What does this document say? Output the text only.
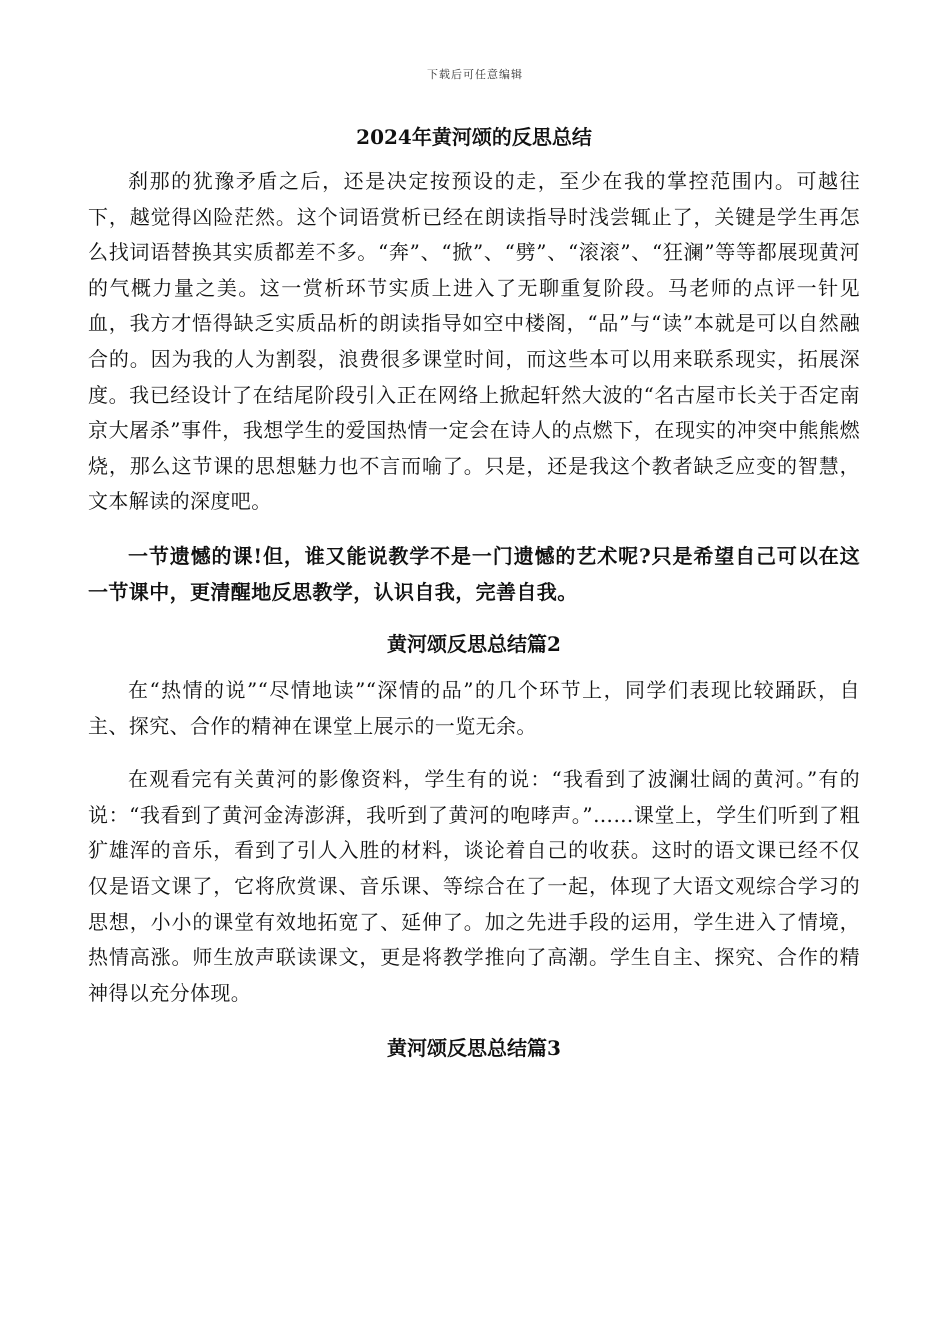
下载后可任意编辑
2024年黄河颂的反思总结

刹那的犹豫矛盾之后，还是决定按预设的走，至少在我的掌控范围内。可越往下，越觉得凶险茫然。这个词语赏析已经在朗读指导时浅尝辄止了，关键是学生再怎么找词语替换其实质都差不多。“奔”、“掀”、“劈”、“滚滚”、“狂澜”等等都展现黄河的气概力量之美。这一赏析环节实质上进入了无聊重复阶段。马老师的点评一针见血，我方才悟得缺乏实质品析的朗读指导如空中楼阁，“品”与“读”本就是可以自然融合的。因为我的人为割裂，浪费很多课堂时间，而这些本可以用来联系现实，拓展深度。我已经设计了在结尾阶段引入正在网络上掀起轩然大波的“名古屋市长关于否定南京大屠杀”事件，我想学生的爱国热情一定会在诗人的点燃下，在现实的冲突中熊熊燃烧，那么这节课的思想魅力也不言而喻了。只是，还是我这个教者缺乏应变的智慧，文本解读的深度吧。

一节遗憾的课!但，谁又能说教学不是一门遗憾的艺术呢?只是希望自己可以在这一节课中，更清醒地反思教学，认识自我，完善自我。

黄河颂反思总结篇2

在“热情的说”“尽情地读”“深情的品”的几个环节上，同学们表现比较踊跃，自主、探究、合作的精神在课堂上展示的一览无余。

在观看完有关黄河的影像资料，学生有的说：“我看到了波澜壮阔的黄河。”有的说：“我看到了黄河金涛澎湃，我听到了黄河的咆哮声。”……课堂上，学生们听到了粗犷雄浑的音乐，看到了引人入胜的材料，谈论着自己的收获。这时的语文课已经不仅仅是语文课了，它将欣赏课、音乐课、等综合在了一起，体现了大语文观综合学习的思想，小小的课堂有效地拓宽了、延伸了。加之先进手段的运用，学生进入了情境，热情高涨。师生放声联读课文，更是将教学推向了高潮。学生自主、探究、合作的精神得以充分体现。

黄河颂反思总结篇3
